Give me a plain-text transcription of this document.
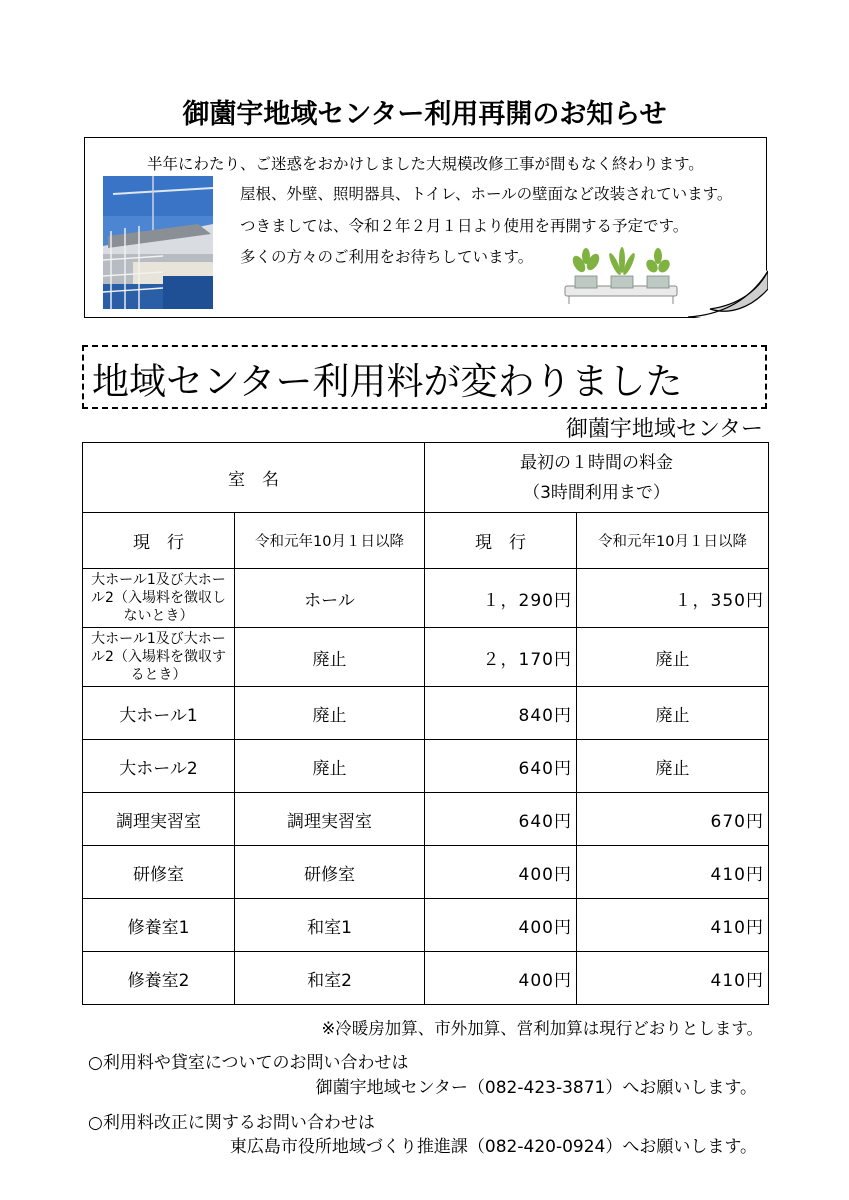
御薗宇地域センター利用再開のお知らせ
半年にわたり、ご迷惑をおかけしました大規模改修工事が間もなく終わります。
屋根、外壁、照明器具、トイレ、ホールの壁面など改装されています。
つきましては、令和２年２月１日より使用を再開する予定です。
多くの方々のご利用をお待ちしています。
地域センター利用料が変わりました
御薗宇地域センター
室　名		最初の１時間の料金
（3時間利用まで）	

現　行	令和元年10月１日以降	現　行	令和元年10月１日以降
大ホール1及び大ホール2（入場料を徴収しないとき）	ホール	１，290円	１，350円
大ホール1及び大ホール2（入場料を徴収するとき）	廃止	２，170円	廃止
大ホール1	廃止	840円	廃止
大ホール2	廃止	640円	廃止
調理実習室	調理実習室	640円	670円
研修室	研修室	400円	410円
修養室1	和室1	400円	410円
修養室2	和室2	400円	410円
※冷暖房加算、市外加算、営利加算は現行どおりとします。
○利用料や貸室についてのお問い合わせは
御薗宇地域センター（082-423-3871）へお願いします。
○利用料改正に関するお問い合わせは
東広島市役所地域づくり推進課（082-420-0924）へお願いします。
